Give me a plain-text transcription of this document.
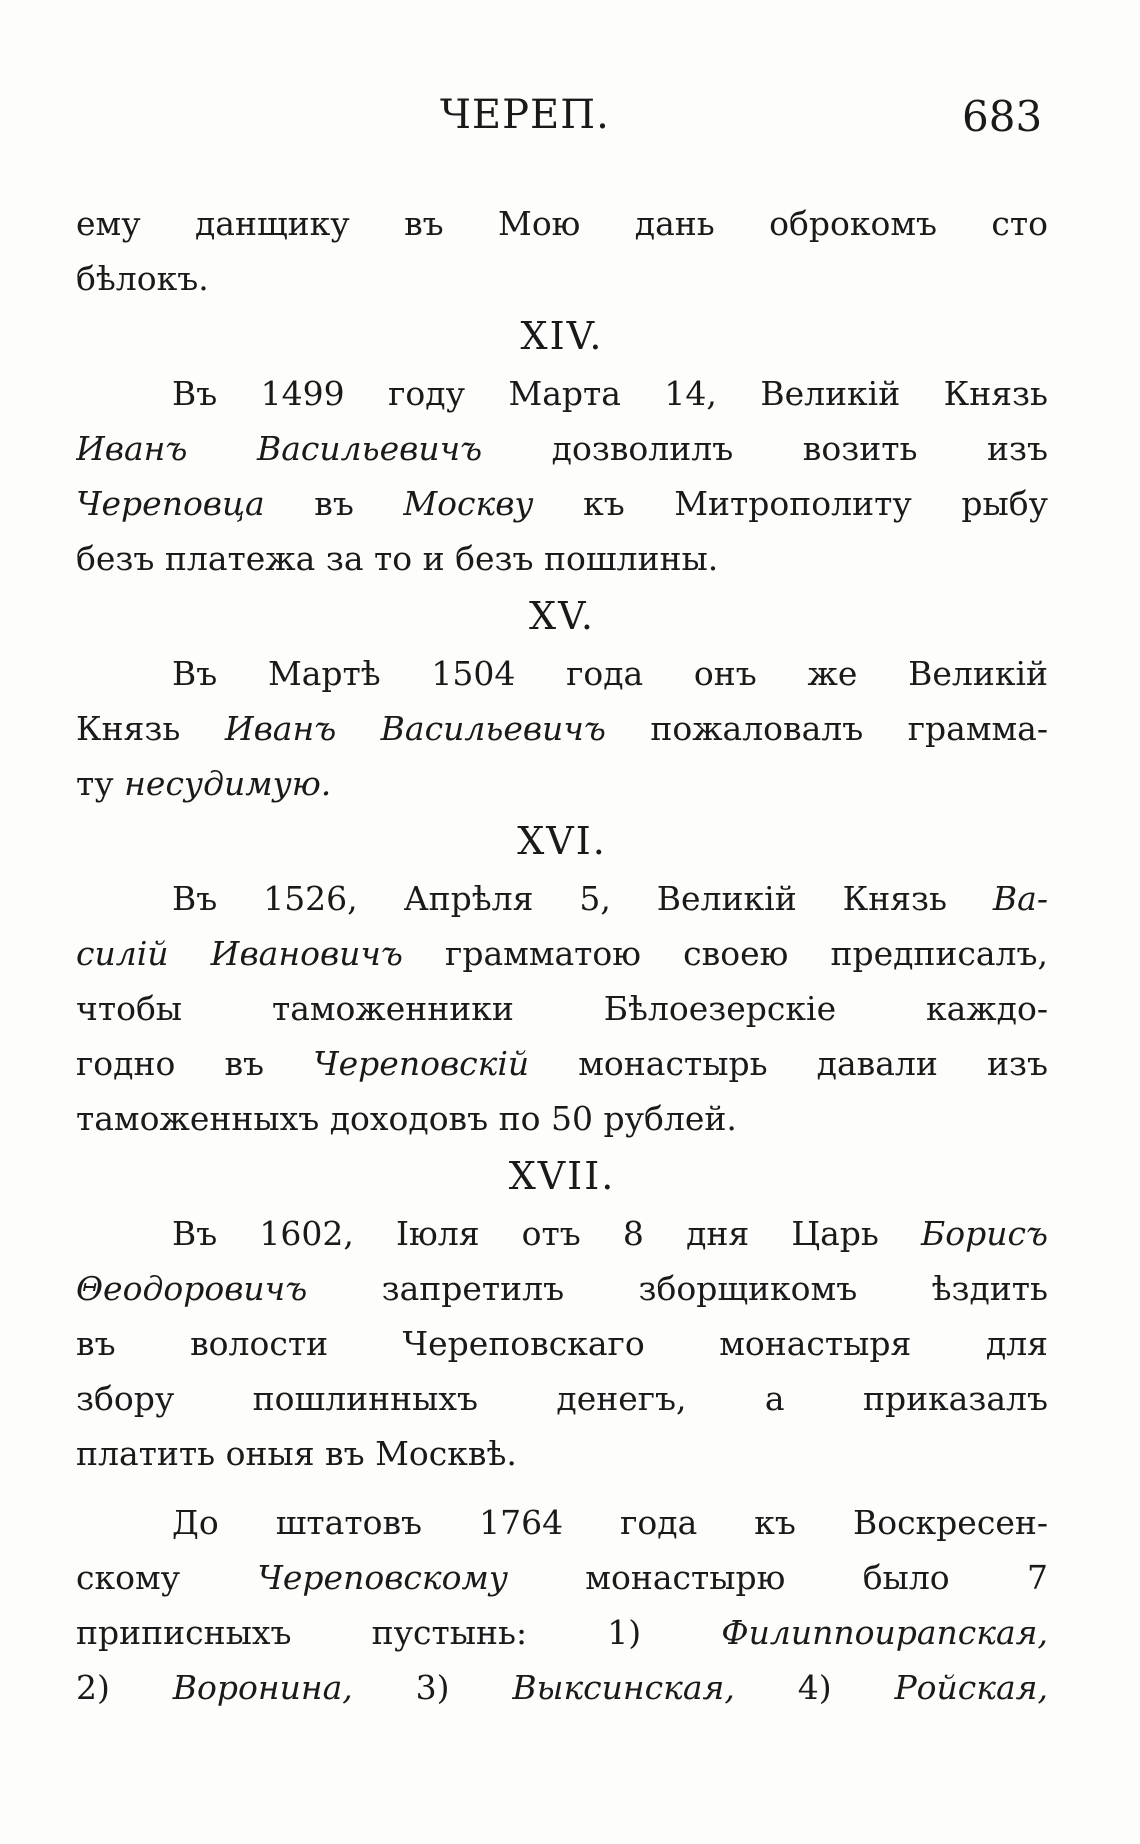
ЧЕРЕП.	683
ему данщику въ Мою дань оброкомъ сто
бѣлокъ.
XIV.
Въ 1499 году Марта 14, Великій Князь
Иванъ Васильевичъ дозволилъ возить изъ
Череповца въ Москву къ Митрополиту рыбу
безъ платежа за то и безъ пошлины.
XV.
Въ Мартѣ 1504 года онъ же Великій
Князь Иванъ Васильевичъ пожаловалъ грамма-
ту несудимую.
XVI.
Въ 1526, Апрѣля 5, Великій Князь Ва-
силій Ивановичъ грамматою своею предписалъ,
чтобы таможенники Бѣлоезерскіе каждо-
годно въ Череповскій монастырь давали изъ
таможенныхъ доходовъ по 50 рублей.
XVII.
Въ 1602, Іюля отъ 8 дня Царь Борисъ
Θеодоровичъ запретилъ зборщикомъ ѣздить
въ волости Череповскаго монастыря для
збору пошлинныхъ денегъ, а приказалъ
платить оныя въ Москвѣ.
До штатовъ 1764 года къ Воскресен-
скому Череповскому монастырю было 7
приписныхъ пустынь: 1) Филиппоирапская,
2) Воронина, 3) Выксинская, 4) Ройская,
